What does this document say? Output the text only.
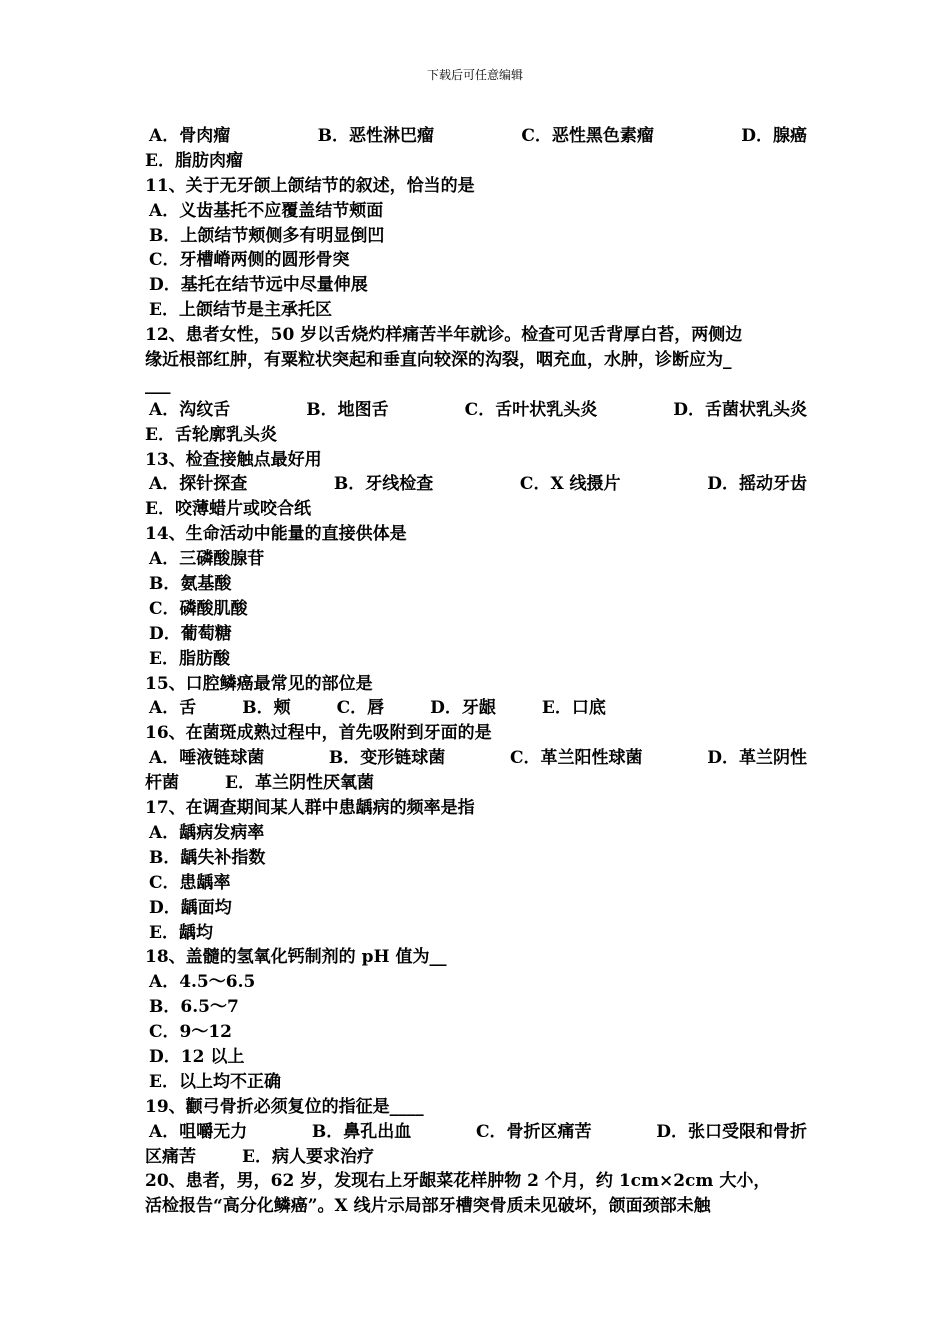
下载后可任意编辑
A．骨肉瘤	B．恶性淋巴瘤	C．恶性黑色素瘤	D．腺癌
E．脂肪肉瘤
11、关于无牙颌上颌结节的叙述，恰当的是
A．义齿基托不应覆盖结节颊面
B．上颌结节颊侧多有明显倒凹
C．牙槽嵴两侧的圆形骨突
D．基托在结节远中尽量伸展
E．上颌结节是主承托区
12、患者女性，50 岁以舌烧灼样痛苦半年就诊。检查可见舌背厚白苔，两侧边
缘近根部红肿，有粟粒状突起和垂直向较深的沟裂，咽充血，水肿，诊断应为_
___
A．沟纹舌	B．地图舌	C．舌叶状乳头炎	D．舌菌状乳头炎
E．舌轮廓乳头炎
13、检查接触点最好用
A．探针探查	B．牙线检查	C．X 线摄片	D．摇动牙齿
E．咬薄蜡片或咬合纸
14、生命活动中能量的直接供体是
A．三磷酸腺苷
B．氨基酸
C．磷酸肌酸
D．葡萄糖
E．脂肪酸
15、口腔鳞癌最常见的部位是
A．舌	B．颊	C．唇	D．牙龈	E．口底
16、在菌斑成熟过程中，首先吸附到牙面的是
A．唾液链球菌	B．变形链球菌	C．革兰阳性球菌	D．革兰阴性
杆菌	E．革兰阴性厌氧菌
17、在调查期间某人群中患龋病的频率是指
A．龋病发病率
B．龋失补指数
C．患龋率
D．龋面均
E．龋均
18、盖髓的氢氧化钙制剂的 pH 值为__
A．4.5～6.5
B．6.5～7
C．9～12
D．12 以上
E．以上均不正确
19、颧弓骨折必须复位的指征是____
A．咀嚼无力	B．鼻孔出血	C．骨折区痛苦	D．张口受限和骨折
区痛苦	E．病人要求治疗
20、患者，男，62 岁，发现右上牙龈菜花样肿物 2 个月，约 1cm×2cm 大小，
活检报告“高分化鳞癌”。X 线片示局部牙槽突骨质未见破坏，颌面颈部未触
